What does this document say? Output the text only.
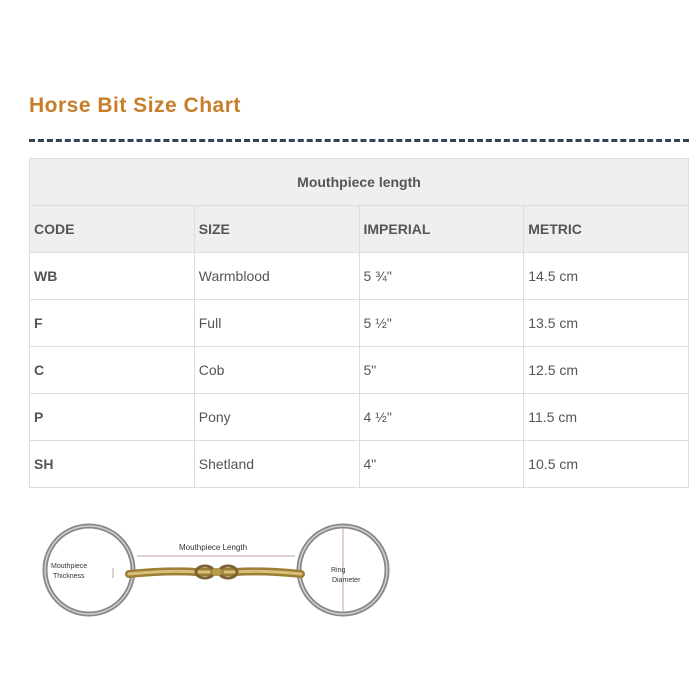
Horse Bit Size Chart
Mouthpiece length			
CODE	SIZE	IMPERIAL	METRIC
WB	Warmblood	5 ¾"	14.5 cm
F	Full	5 ½"	13.5 cm
C	Cob	5"	12.5 cm
P	Pony	4 ½"	11.5 cm
SH	Shetland	4"	10.5 cm
Mouthpiece Length
Mouthpiece
Thickness
Ring
Diameter
